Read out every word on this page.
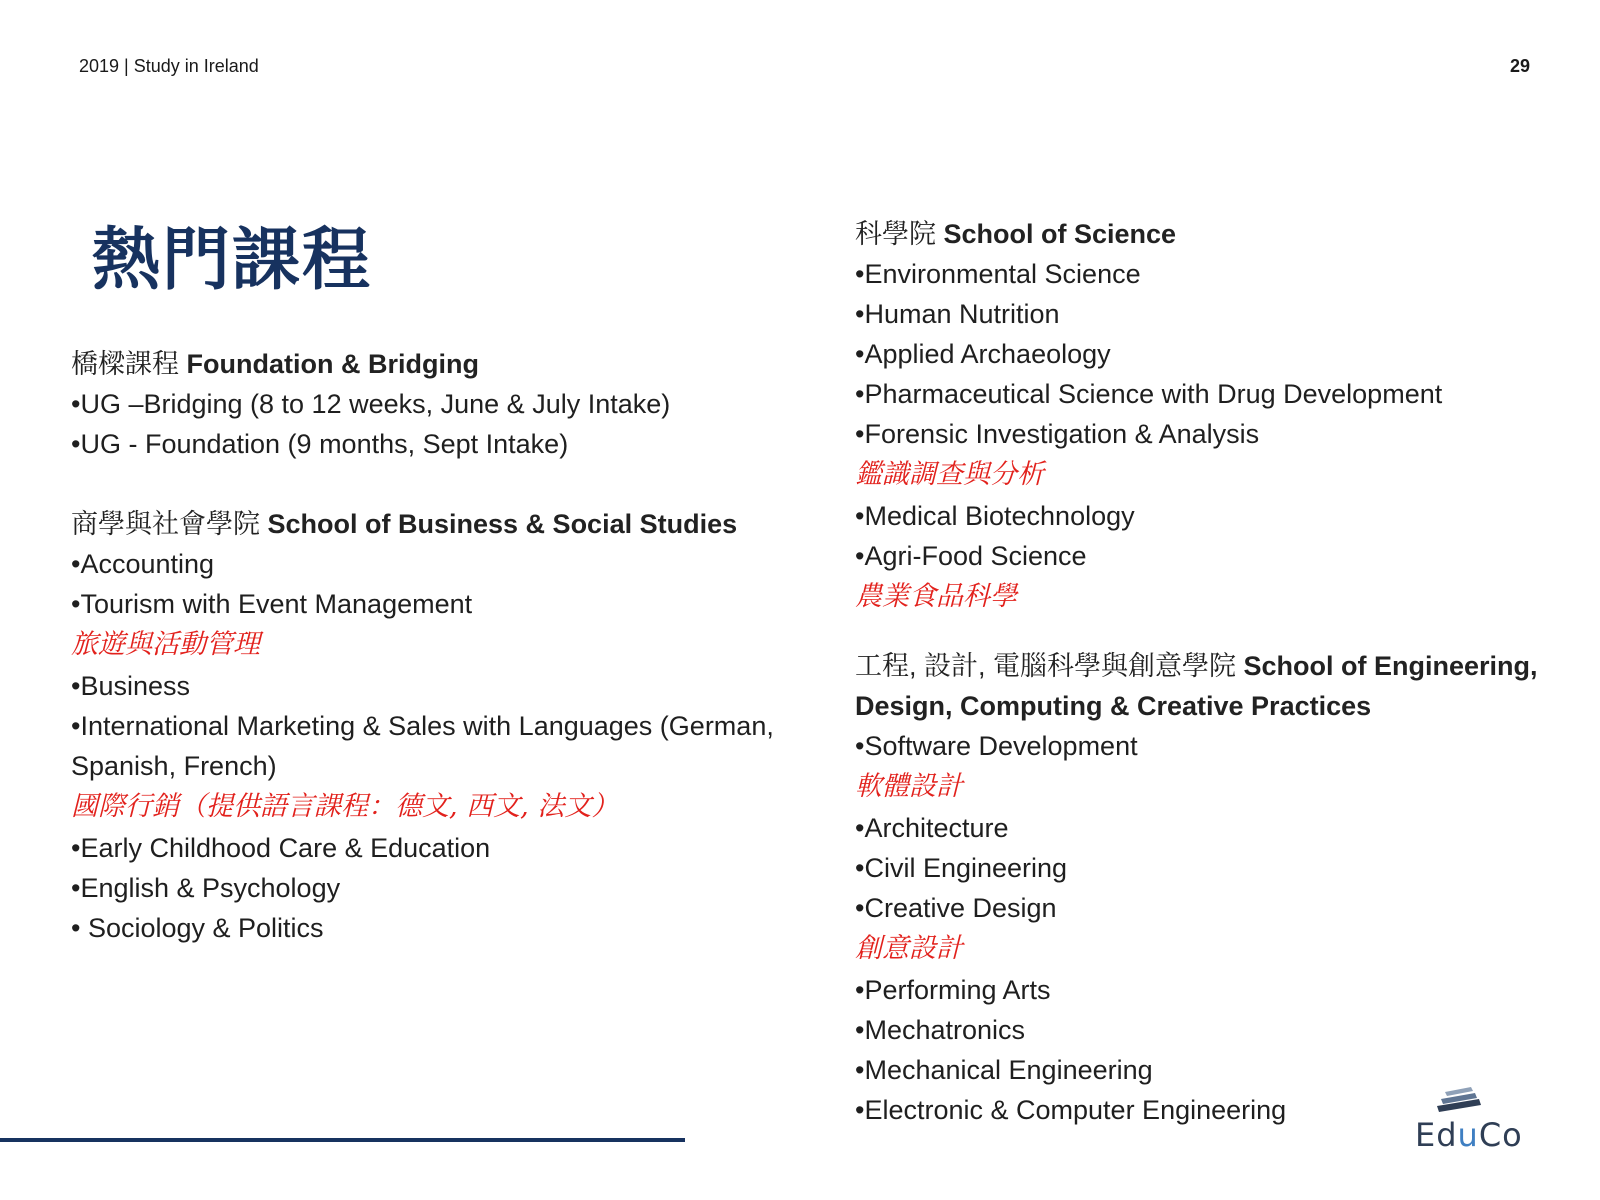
2019 | Study in Ireland	29
熱門課程
橋樑課程 Foundation & Bridging
•UG –Bridging (8 to 12 weeks, June & July Intake)
•UG - Foundation (9 months, Sept Intake)
商學與社會學院 School of Business & Social Studies
•Accounting
•Tourism with Event Management
旅遊與活動管理
•Business
•International Marketing & Sales with Languages (German, Spanish, French)
國際行銷（提供語言課程：德文, 西文, 法文）
•Early Childhood Care & Education
•English & Psychology
• Sociology & Politics
科學院 School of Science
•Environmental Science
•Human Nutrition
•Applied Archaeology
•Pharmaceutical Science with Drug Development
•Forensic Investigation & Analysis
鑑識調查與分析
•Medical Biotechnology
•Agri-Food Science
農業食品科學
工程, 設計, 電腦科學與創意學院 School of Engineering, Design, Computing & Creative Practices
•Software Development
軟體設計
•Architecture
•Civil Engineering
•Creative Design
創意設計
•Performing Arts
•Mechatronics
•Mechanical Engineering
•Electronic & Computer Engineering
EduCo
